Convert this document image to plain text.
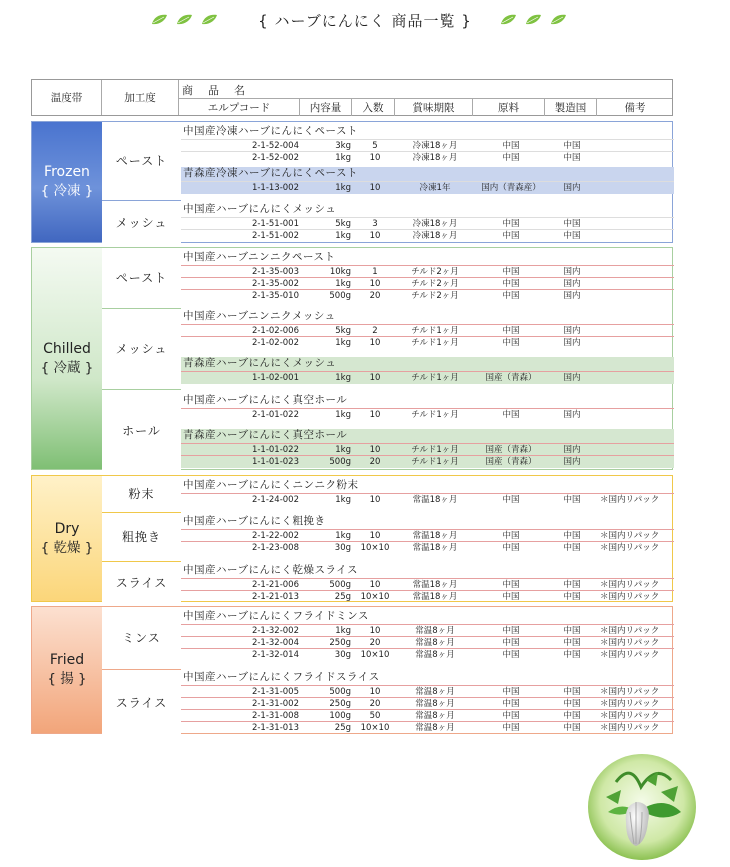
{ ハーブにんにく 商品一覧 }
温度帯	加工度
商　品　名
エルプコード	内容量	入数	賞味期限	原料	製造国	備考
Frozen
{ 冷凍 }
ペースト
中国産冷凍ハーブにんにくペースト
2-1-52-004	3kg	5	冷凍18ヶ月	中国	中国
2-1-52-002	1kg	10	冷凍18ヶ月	中国	中国
青森産冷凍ハーブにんにくペースト
1-1-13-002	1kg	10	冷凍1年	国内（青森産）	国内
メッシュ
中国産ハーブにんにくメッシュ
2-1-51-001	5kg	3	冷凍18ヶ月	中国	中国
2-1-51-002	1kg	10	冷凍18ヶ月	中国	中国
Chilled
{ 冷蔵 }
ペースト
中国産ハーブニンニクペースト
2-1-35-003	10kg	1	チルド2ヶ月	中国	国内
2-1-35-002	1kg	10	チルド2ヶ月	中国	国内
2-1-35-010	500g	20	チルド2ヶ月	中国	国内
メッシュ
中国産ハーブニンニクメッシュ
2-1-02-006	5kg	2	チルド1ヶ月	中国	国内
2-1-02-002	1kg	10	チルド1ヶ月	中国	国内
青森産ハーブにんにくメッシュ
1-1-02-001	1kg	10	チルド1ヶ月	国産（青森）	国内
ホール
中国産ハーブにんにく真空ホール
2-1-01-022	1kg	10	チルド1ヶ月	中国	国内
青森産ハーブにんにく真空ホール
1-1-01-022	1kg	10	チルド1ヶ月	国産（青森）	国内
1-1-01-023	500g	20	チルド1ヶ月	国産（青森）	国内
Dry
{ 乾燥 }
粉末
中国産ハーブにんにくニンニク粉末
2-1-24-002	1kg	10	常温18ヶ月	中国	中国	＊国内リパック
粗挽き
中国産ハーブにんにく粗挽き
2-1-22-002	1kg	10	常温18ヶ月	中国	中国	＊国内リパック
2-1-23-008	30g	10×10	常温18ヶ月	中国	中国	＊国内リパック
スライス
中国産ハーブにんにく乾燥スライス
2-1-21-006	500g	10	常温18ヶ月	中国	中国	＊国内リパック
2-1-21-013	25g	10×10	常温18ヶ月	中国	中国	＊国内リパック
Fried
{ 揚 }
ミンス
中国産ハーブにんにくフライドミンス
2-1-32-002	1kg	10	常温8ヶ月	中国	中国	＊国内リパック
2-1-32-004	250g	20	常温8ヶ月	中国	中国	＊国内リパック
2-1-32-014	30g	10×10	常温8ヶ月	中国	中国	＊国内リパック
スライス
中国産ハーブにんにくフライドスライス
2-1-31-005	500g	10	常温8ヶ月	中国	中国	＊国内リパック
2-1-31-002	250g	20	常温8ヶ月	中国	中国	＊国内リパック
2-1-31-008	100g	50	常温8ヶ月	中国	中国	＊国内リパック
2-1-31-013	25g	10×10	常温8ヶ月	中国	中国	＊国内リパック
